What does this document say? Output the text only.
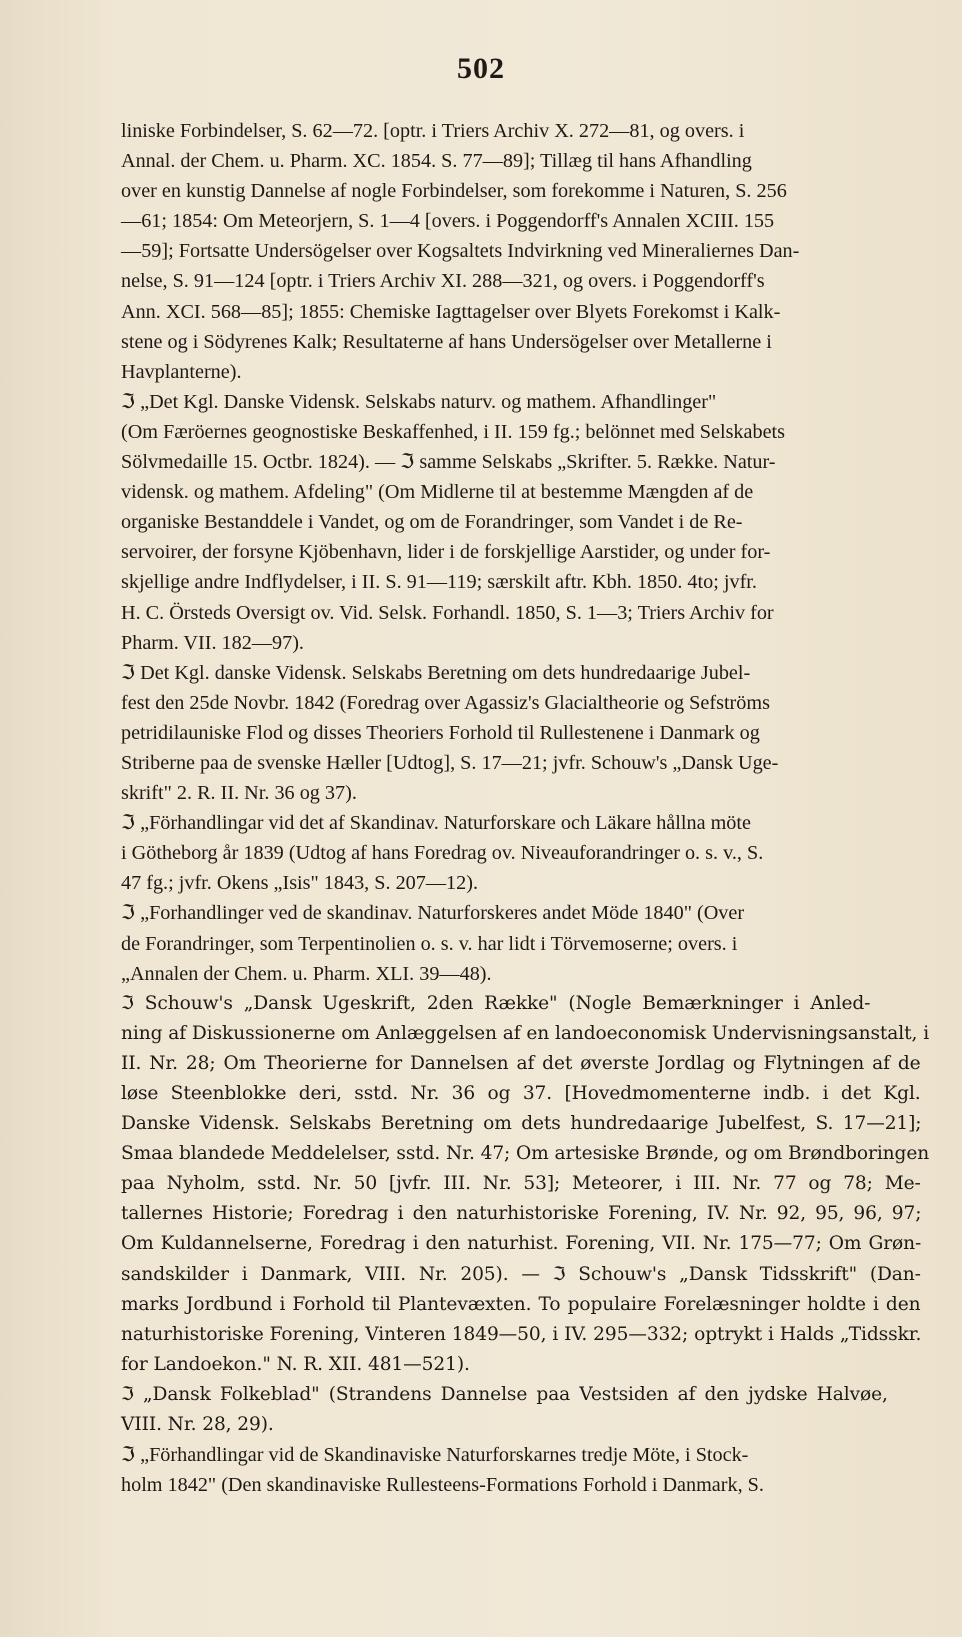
502
liniske Forbindelser, S. 62—72. [optr. i Triers Archiv X. 272—81, og overs. i
Annal. der Chem. u. Pharm. XC. 1854. S. 77—89]; Tillæg til hans Afhandling
over en kunstig Dannelse af nogle Forbindelser, som forekomme i Naturen, S. 256
—61; 1854: Om Meteorjern, S. 1—4 [overs. i Poggendorff's Annalen XCIII. 155
—59]; Fortsatte Undersögelser over Kogsaltets Indvirkning ved Mineraliernes Dan-
nelse, S. 91—124 [optr. i Triers Archiv XI. 288—321, og overs. i Poggendorff's
Ann. XCI. 568—85]; 1855: Chemiske Iagttagelser over Blyets Forekomst i Kalk-
stene og i Södyrenes Kalk; Resultaterne af hans Undersögelser over Metallerne i
Havplanterne).
ℑ „Det Kgl. Danske Vidensk. Selskabs naturv. og mathem. Afhandlinger"
(Om Færöernes geognostiske Beskaffenhed, i II. 159 fg.; belönnet med Selskabets
Sölvmedaille 15. Octbr. 1824). — ℑ samme Selskabs „Skrifter. 5. Række. Natur-
vidensk. og mathem. Afdeling" (Om Midlerne til at bestemme Mængden af de
organiske Bestanddele i Vandet, og om de Forandringer, som Vandet i de Re-
servoirer, der forsyne Kjöbenhavn, lider i de forskjellige Aarstider, og under for-
skjellige andre Indflydelser, i II. S. 91—119; særskilt aftr. Kbh. 1850. 4to; jvfr.
H. C. Örsteds Oversigt ov. Vid. Selsk. Forhandl. 1850, S. 1—3; Triers Archiv for
Pharm. VII. 182—97).
ℑ Det Kgl. danske Vidensk. Selskabs Beretning om dets hundredaarige Jubel-
fest den 25de Novbr. 1842 (Foredrag over Agassiz's Glacialtheorie og Sefströms
petridilauniske Flod og disses Theoriers Forhold til Rullestenene i Danmark og
Striberne paa de svenske Hæller [Udtog], S. 17—21; jvfr. Schouw's „Dansk Uge-
skrift" 2. R. II. Nr. 36 og 37).
ℑ „Förhandlingar vid det af Skandinav. Naturforskare och Läkare hållna möte
i Götheborg år 1839 (Udtog af hans Foredrag ov. Niveauforandringer o. s. v., S.
47 fg.; jvfr. Okens „Isis" 1843, S. 207—12).
ℑ „Forhandlinger ved de skandinav. Naturforskeres andet Möde 1840" (Over
de Forandringer, som Terpentinolien o. s. v. har lidt i Törvemoserne; overs. i
„Annalen der Chem. u. Pharm. XLI. 39—48).
ℑ Schouw's „Dansk Ugeskrift, 2den Række" (Nogle Bemærkninger i Anled-
ning af Diskussionerne om Anlæggelsen af en landoeconomisk Undervisningsanstalt, i
II. Nr. 28; Om Theorierne for Dannelsen af det øverste Jordlag og Flytningen af de
løse Steenblokke deri, sstd. Nr. 36 og 37. [Hovedmomenterne indb. i det Kgl.
Danske Vidensk. Selskabs Beretning om dets hundredaarige Jubelfest, S. 17—21];
Smaa blandede Meddelelser, sstd. Nr. 47; Om artesiske Brønde, og om Brøndboringen
paa Nyholm, sstd. Nr. 50 [jvfr. III. Nr. 53]; Meteorer, i III. Nr. 77 og 78; Me-
tallernes Historie; Foredrag i den naturhistoriske Forening, IV. Nr. 92, 95, 96, 97;
Om Kuldannelserne, Foredrag i den naturhist. Forening, VII. Nr. 175—77; Om Grøn-
sandskilder i Danmark, VIII. Nr. 205). — ℑ Schouw's „Dansk Tidsskrift" (Dan-
marks Jordbund i Forhold til Plantevæxten. To populaire Forelæsninger holdte i den
naturhistoriske Forening, Vinteren 1849—50, i IV. 295—332; optrykt i Halds „Tidsskr.
for Landoekon." N. R. XII. 481—521).
ℑ „Dansk Folkeblad" (Strandens Dannelse paa Vestsiden af den jydske Halvøe,
VIII. Nr. 28, 29).
ℑ „Förhandlingar vid de Skandinaviske Naturforskarnes tredje Möte, i Stock-
holm 1842" (Den skandinaviske Rullesteens-Formations Forhold i Danmark, S.
